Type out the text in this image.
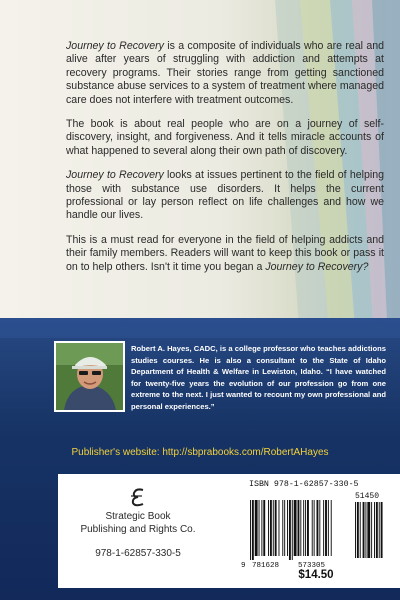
Journey to Recovery is a composite of individuals who are real and alive after years of struggling with addiction and attempts at recovery programs. Their stories range from getting sanctioned substance abuse services to a system of treatment where managed care does not interfere with treatment outcomes.

The book is about real people who are on a journey of self-discovery, insight, and forgiveness. And it tells miracle accounts of what happened to several along their own path of discovery.

Journey to Recovery looks at issues pertinent to the field of helping those with substance use disorders. It helps the current professional or lay person reflect on life challenges and how we handle our lives.

This is a must read for everyone in the field of helping addicts and their family members. Readers will want to keep this book or pass it on to help others. Isn't it time you began a Journey to Recovery?

Robert A. Hayes, CADC, is a college professor who teaches addictions studies courses. He is also a consultant to the State of Idaho Department of Health & Welfare in Lewiston, Idaho. “I have watched for twenty-five years the evolution of our profession go from one extreme to the next. I just wanted to recount my own professional and personal experiences.”
Publisher's website: http://sbprabooks.com/RobertAHayes
Strategic Book
Publishing and Rights Co.
978-1-62857-330-5
ISBN 978-1-62857-330-5
51450
9 781628	573305
$14.50
